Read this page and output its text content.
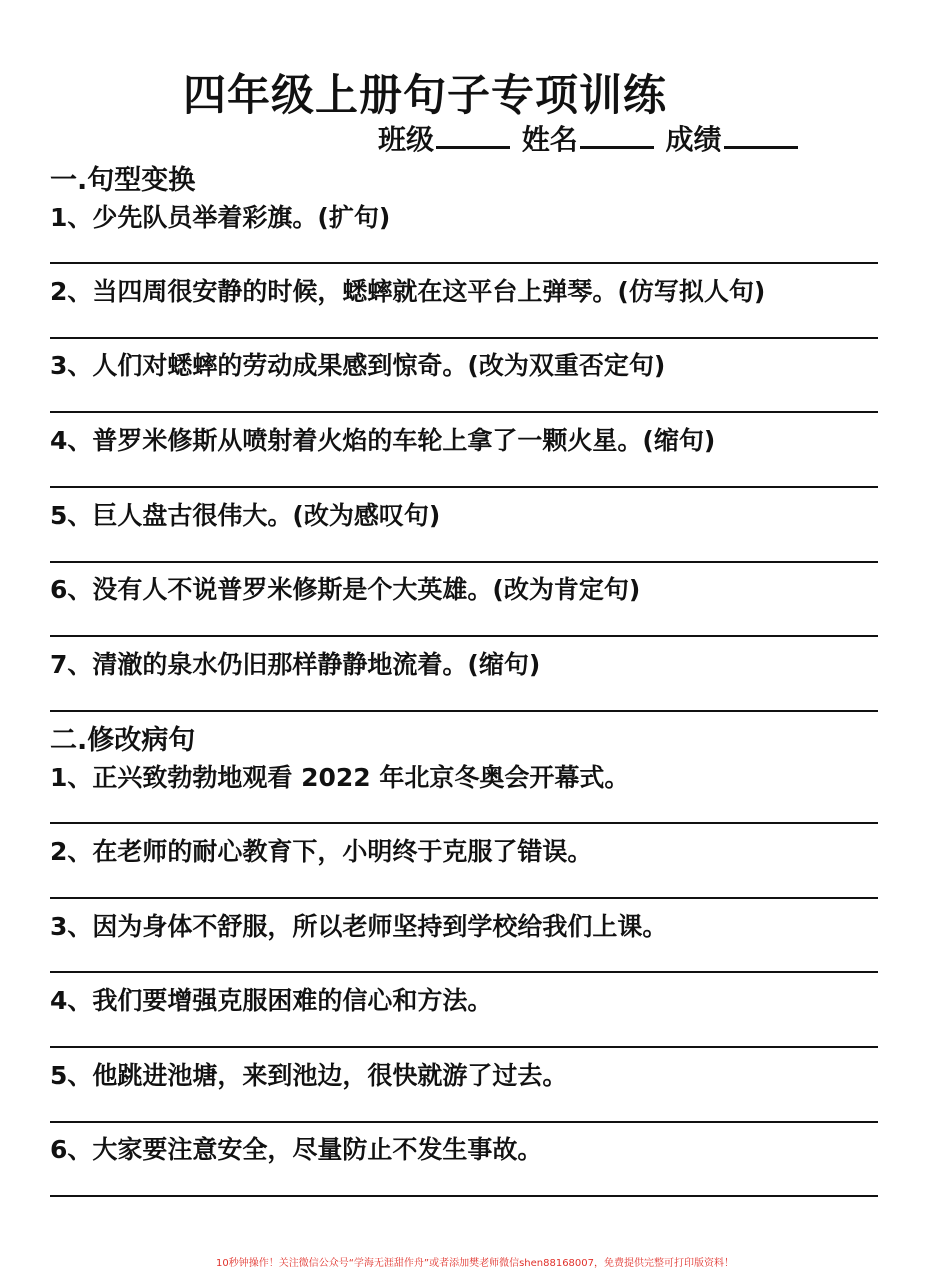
四年级上册句子专项训练
班级	姓名	成绩
一.句型变换
1、少先队员举着彩旗。(扩句)
2、当四周很安静的时候，蟋蟀就在这平台上弹琴。(仿写拟人句)
3、人们对蟋蟀的劳动成果感到惊奇。(改为双重否定句)
4、普罗米修斯从喷射着火焰的车轮上拿了一颗火星。(缩句)
5、巨人盘古很伟大。(改为感叹句)
6、没有人不说普罗米修斯是个大英雄。(改为肯定句)
7、清澈的泉水仍旧那样静静地流着。(缩句)
二.修改病句
1、正兴致勃勃地观看 2022 年北京冬奥会开幕式。
2、在老师的耐心教育下，小明终于克服了错误。
3、因为身体不舒服，所以老师坚持到学校给我们上课。
4、我们要增强克服困难的信心和方法。
5、他跳进池塘，来到池边，很快就游了过去。
6、大家要注意安全，尽量防止不发生事故。
10秒钟操作！关注微信公众号“学海无涯甜作舟”或者添加樊老师微信shen88168007，免费提供完整可打印版资料！
